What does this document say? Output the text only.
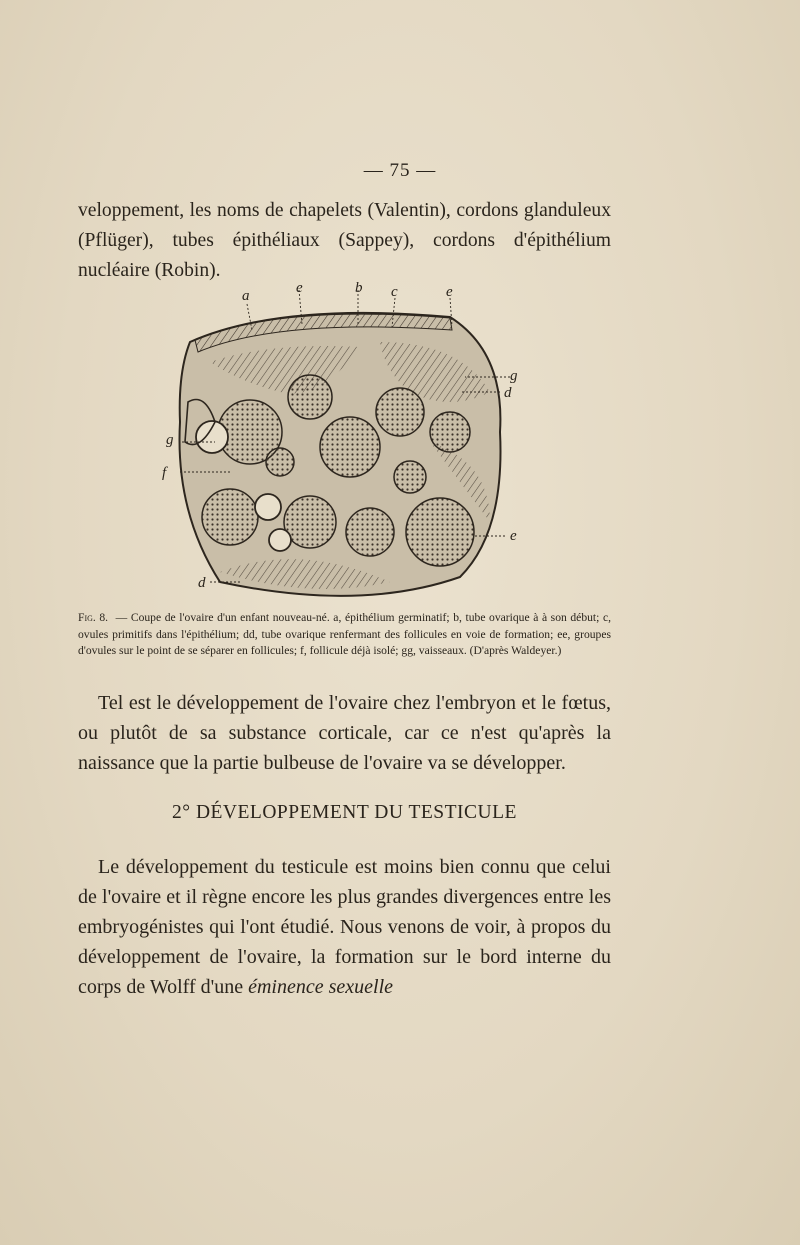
— 75 —

veloppement, les noms de chapelets (Valentin), cordons glanduleux (Pflüger), tubes épithéliaux (Sappey), cordons d'épithélium nucléaire (Robin).

a	e	b c	e
g
d
g
f
e
d

Fig. 8. — Coupe de l'ovaire d'un enfant nouveau-né. a, épithélium germinatif; b, tube ovarique à à son début; c, ovules primitifs dans l'épithélium; dd, tube ovarique renfermant des follicules en voie de formation; ee, groupes d'ovules sur le point de se séparer en follicules; f, follicule déjà isolé; gg, vaisseaux. (D'après Waldeyer.)

Tel est le développement de l'ovaire chez l'embryon et le fœtus, ou plutôt de sa substance corticale, car ce n'est qu'après la naissance que la partie bulbeuse de l'ovaire va se développer.

2° DÉVELOPPEMENT DU TESTICULE

Le développement du testicule est moins bien connu que celui de l'ovaire et il règne encore les plus grandes divergences entre les embryogénistes qui l'ont étudié. Nous venons de voir, à propos du développement de l'ovaire, la formation sur le bord interne du corps de Wolff d'une éminence sexuelle
